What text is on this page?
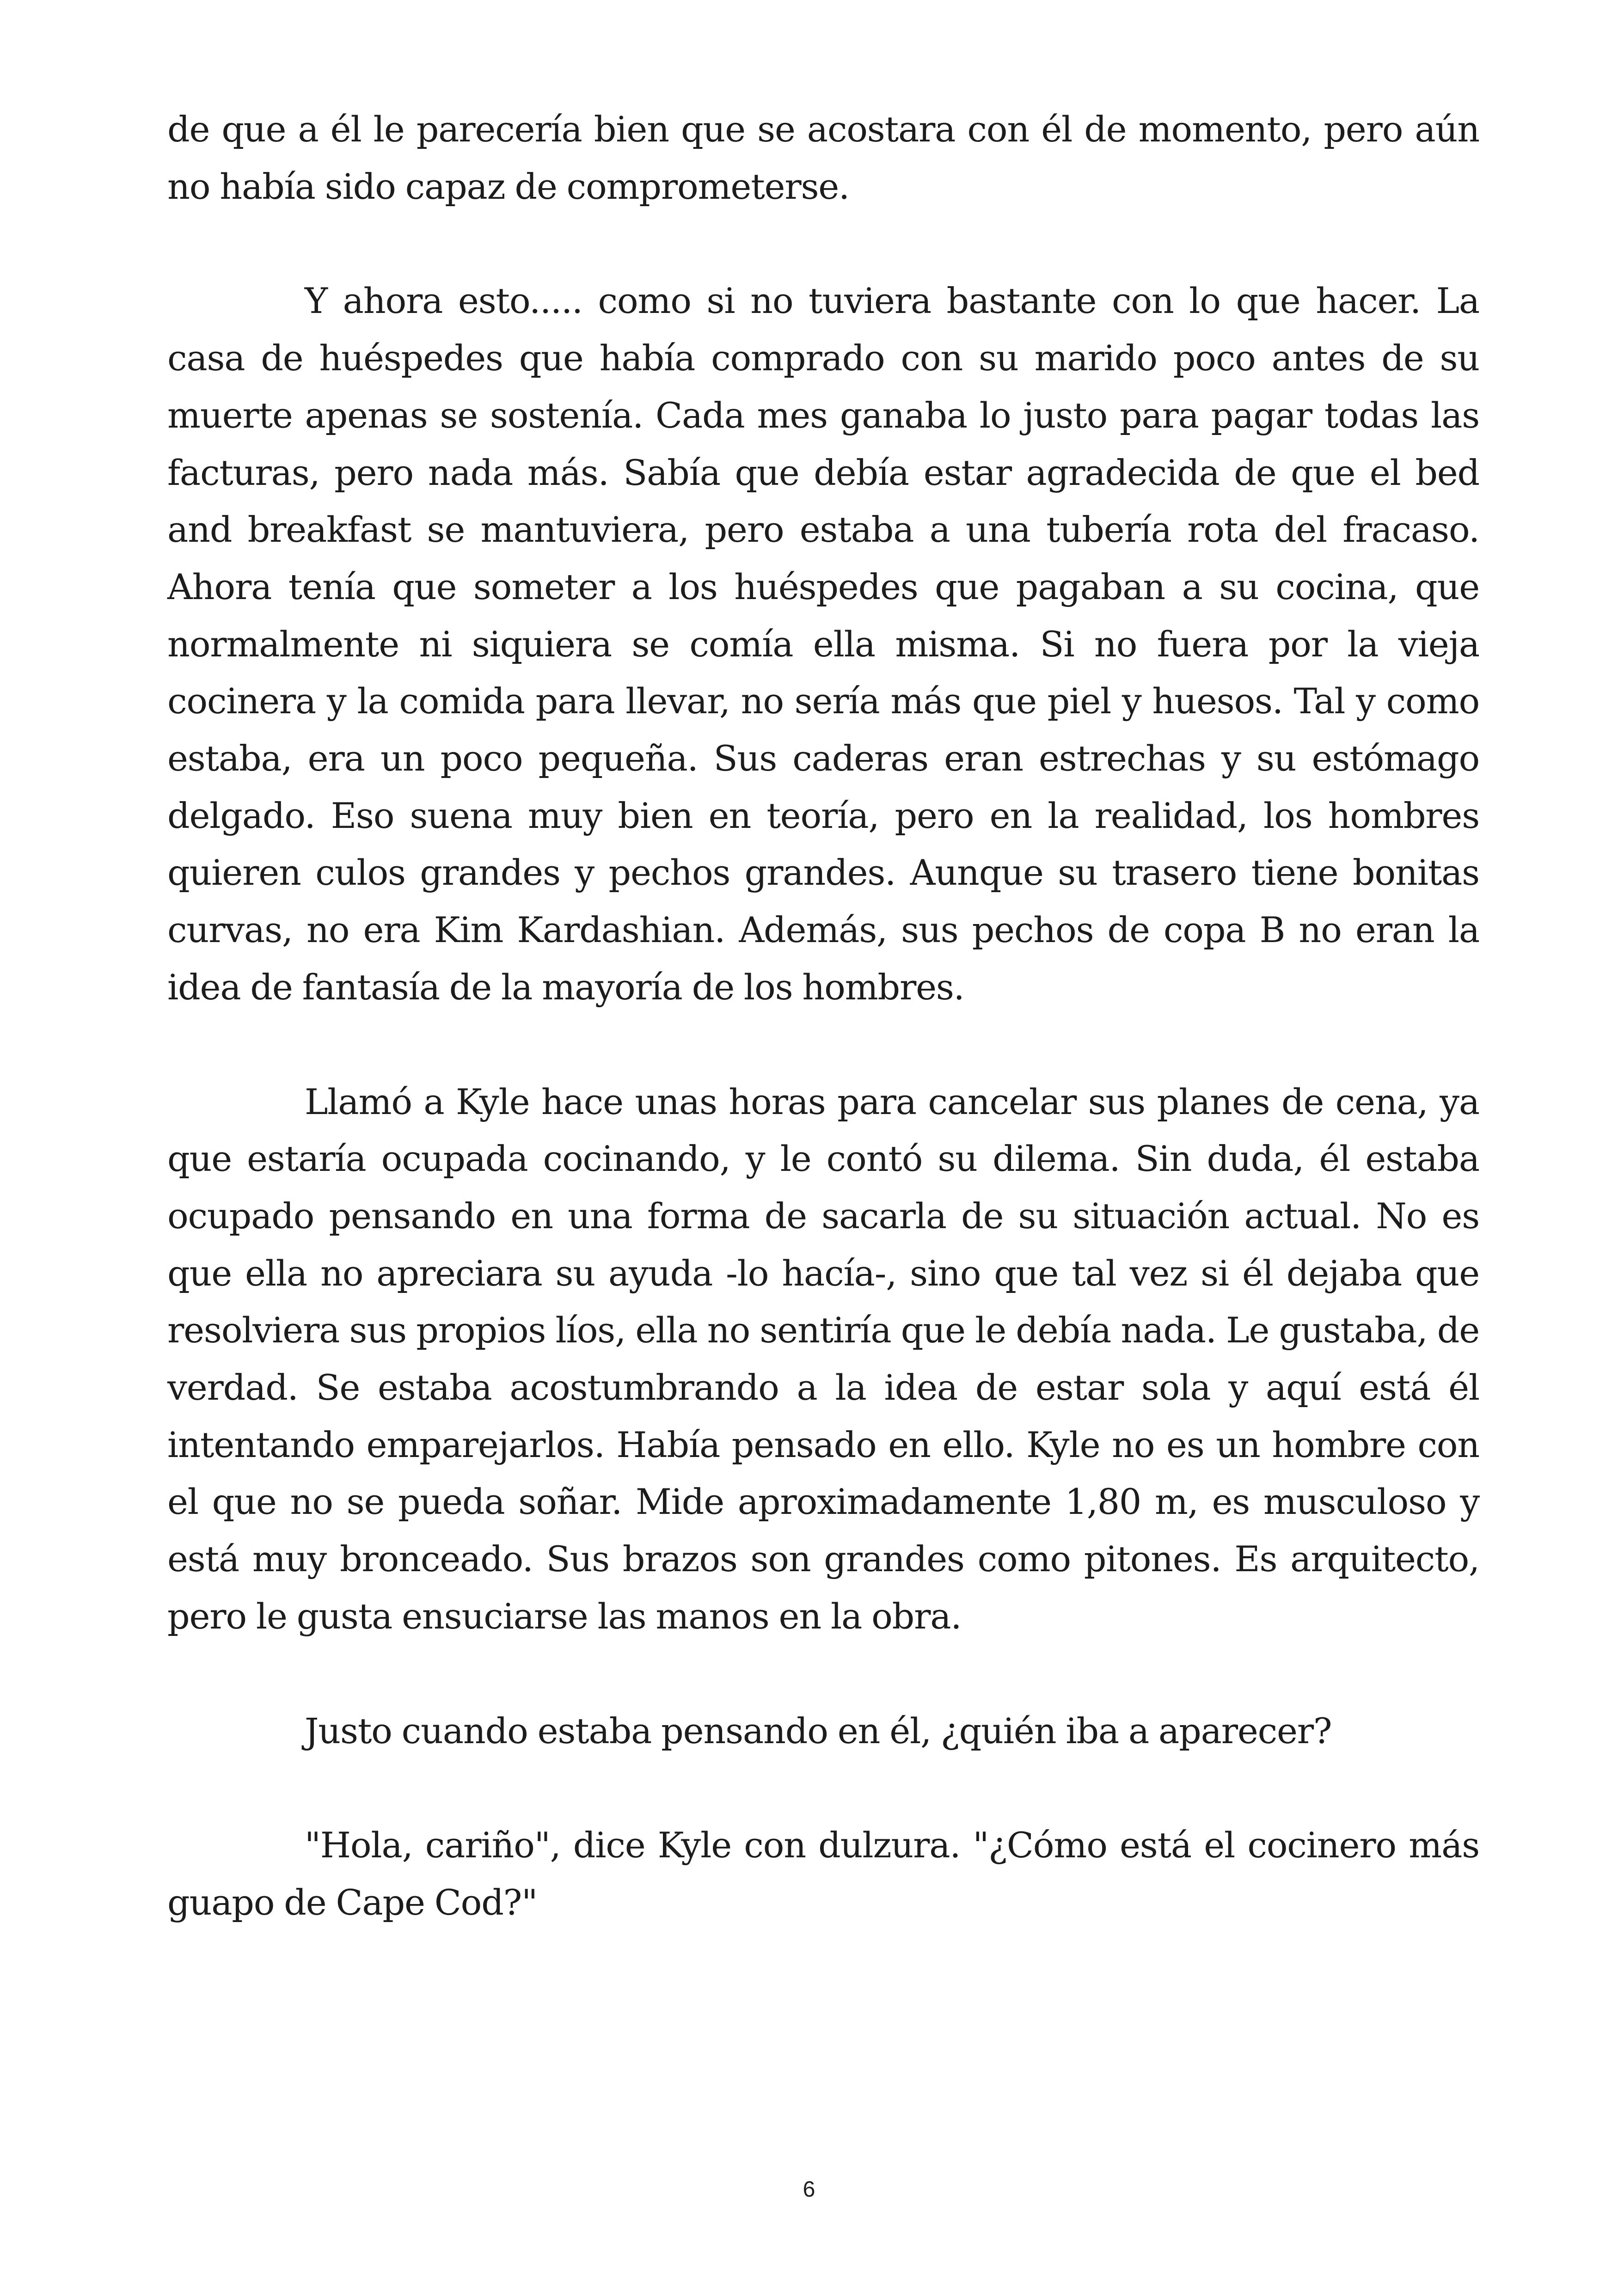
de que a él le parecería bien que se acostara con él de momento, pero aún no había sido capaz de comprometerse.

Y ahora esto..... como si no tuviera bastante con lo que hacer. La casa de huéspedes que había comprado con su marido poco antes de su muerte apenas se sostenía. Cada mes ganaba lo justo para pagar todas las facturas, pero nada más. Sabía que debía estar agradecida de que el bed and breakfast se mantuviera, pero estaba a una tubería rota del fracaso. Ahora tenía que someter a los huéspedes que pagaban a su cocina, que normalmente ni siquiera se comía ella misma. Si no fuera por la vieja cocinera y la comida para llevar, no sería más que piel y huesos. Tal y como estaba, era un poco pequeña. Sus caderas eran estrechas y su estómago delgado. Eso suena muy bien en teoría, pero en la realidad, los hombres quieren culos grandes y pechos grandes. Aunque su trasero tiene bonitas curvas, no era Kim Kardashian. Además, sus pechos de copa B no eran la idea de fantasía de la mayoría de los hombres.

Llamó a Kyle hace unas horas para cancelar sus planes de cena, ya que estaría ocupada cocinando, y le contó su dilema. Sin duda, él estaba ocupado pensando en una forma de sacarla de su situación actual. No es que ella no apreciara su ayuda -lo hacía-, sino que tal vez si él dejaba que resolviera sus propios líos, ella no sentiría que le debía nada. Le gustaba, de verdad. Se estaba acostumbrando a la idea de estar sola y aquí está él intentando emparejarlos. Había pensado en ello. Kyle no es un hombre con el que no se pueda soñar. Mide aproximadamente 1,80 m, es musculoso y está muy bronceado. Sus brazos son grandes como pitones. Es arquitecto, pero le gusta ensuciarse las manos en la obra.

Justo cuando estaba pensando en él, ¿quién iba a aparecer?

"Hola, cariño", dice Kyle con dulzura. "¿Cómo está el cocinero más guapo de Cape Cod?"

6
